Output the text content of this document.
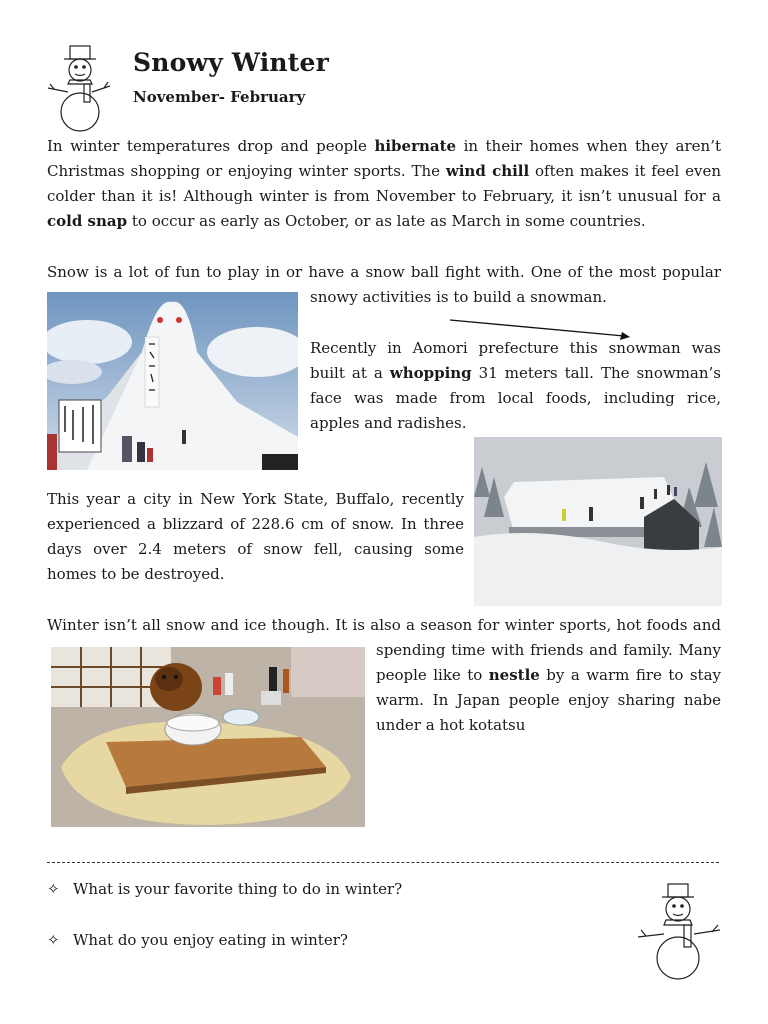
Snowy Winter
November- February
In winter temperatures drop and people hibernate in their homes when they aren’t Christmas shopping or enjoying winter sports. The wind chill often makes it feel even colder than it is! Although winter is from November to February, it isn’t unusual for a cold snap to occur as early as October, or as late as March in some countries.
Snow is a lot of fun to play in or have a snow ball fight with. One of the most popular
snowy activities is to build a snowman.
Recently in Aomori prefecture this snowman was built at a whopping 31 meters tall. The snowman’s face was made from local foods, including rice, apples and radishes.
This year a city in New York State, Buffalo, recently experienced a blizzard of 228.6 cm of snow. In three days over 2.4 meters of snow fell, causing some homes to be destroyed.
Winter isn’t all snow and ice though. It is also a season for winter sports, hot foods and
spending time with friends and family. Many people like to nestle by a warm fire to stay warm. In Japan people enjoy sharing nabe under a hot kotatsu
✧ What is your favorite thing to do in winter?
✧ What do you enjoy eating in winter?
